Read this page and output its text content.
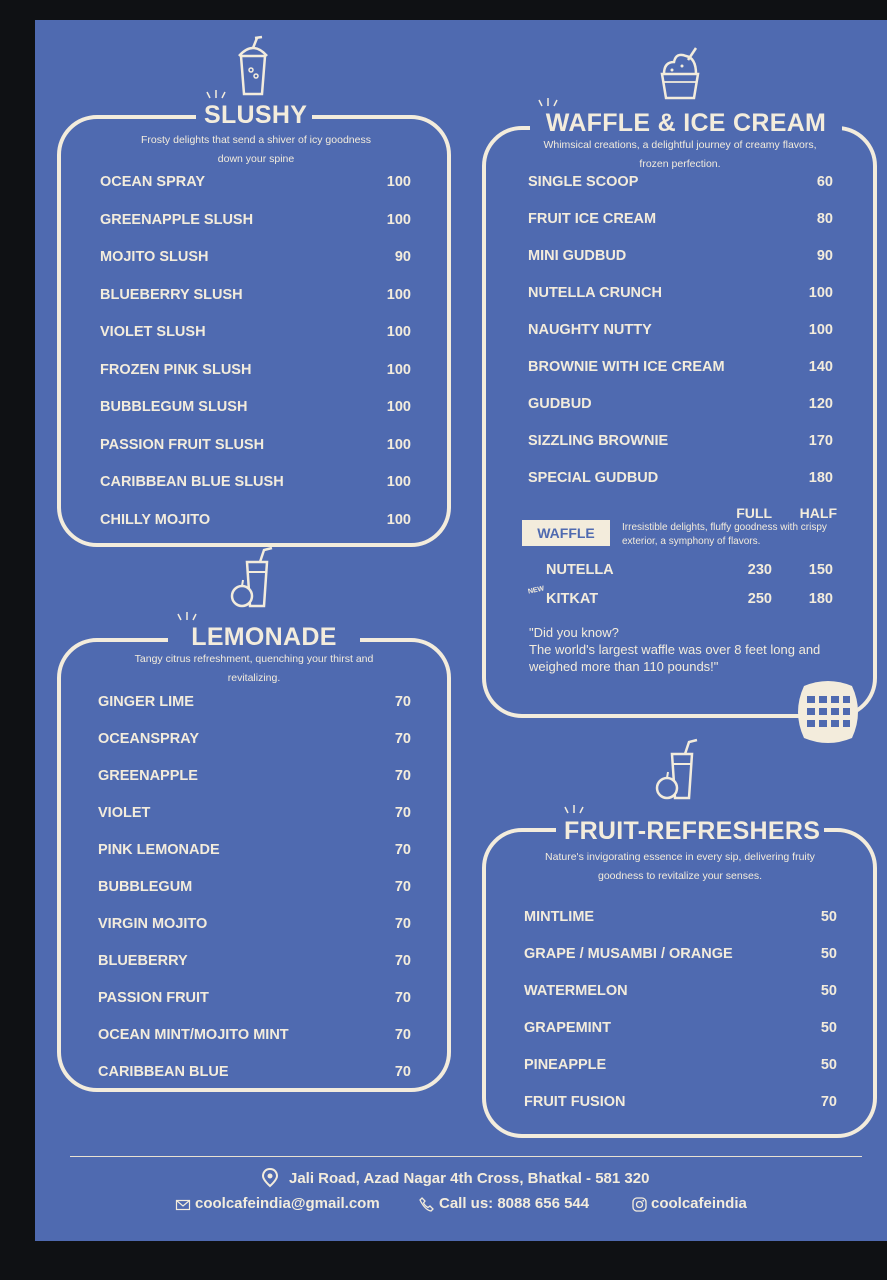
SLUSHY
Frosty delights that send a shiver of icy goodness down your spine
OCEAN SPRAY	100
GREENAPPLE SLUSH	100
MOJITO SLUSH	90
BLUEBERRY SLUSH	100
VIOLET SLUSH	100
FROZEN PINK SLUSH	100
BUBBLEGUM SLUSH	100
PASSION FRUIT SLUSH	100
CARIBBEAN BLUE SLUSH	100
CHILLY MOJITO	100
LEMONADE
Tangy citrus refreshment, quenching your thirst and revitalizing.
GINGER LIME	70
OCEANSPRAY	70
GREENAPPLE	70
VIOLET	70
PINK LEMONADE	70
BUBBLEGUM	70
VIRGIN MOJITO	70
BLUEBERRY	70
PASSION FRUIT	70
OCEAN MINT/MOJITO MINT	70
CARIBBEAN BLUE	70
WAFFLE & ICE CREAM
Whimsical creations, a delightful journey of creamy flavors, frozen perfection.
SINGLE SCOOP	60
FRUIT ICE CREAM	80
MINI GUDBUD	90
NUTELLA CRUNCH	100
NAUGHTY NUTTY	100
BROWNIE WITH ICE CREAM	140
GUDBUD	120
SIZZLING BROWNIE	170
SPECIAL GUDBUD	180
FULL	HALF
WAFFLE	Irresistible delights, fluffy goodness with crispy exterior, a symphony of flavors.
NUTELLA	230	150
KITKAT	250	180
NEW
"Did you know?
The world's largest waffle was over 8 feet long and weighed more than 110 pounds!"
FRUIT-REFRESHERS
Nature's invigorating essence in every sip, delivering fruity goodness to revitalize your senses.
MINTLIME	50
GRAPE / MUSAMBI / ORANGE	50
WATERMELON	50
GRAPEMINT	50
PINEAPPLE	50
FRUIT FUSION	70
Jali Road, Azad Nagar 4th Cross, Bhatkal - 581 320
coolcafeindia@gmail.com	Call us: 8088 656 544	coolcafeindia
